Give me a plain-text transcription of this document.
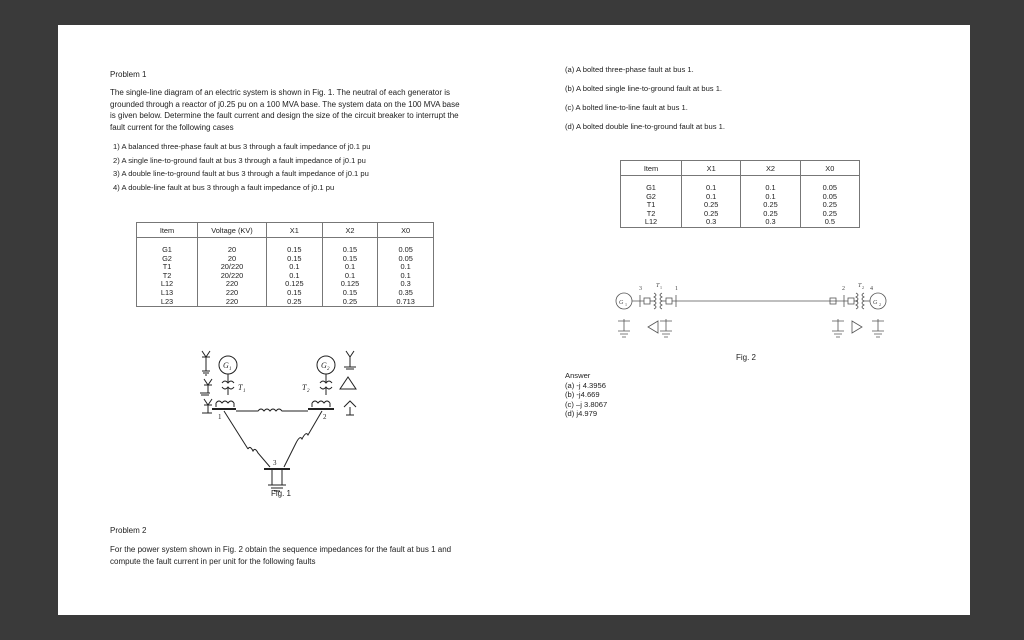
Problem 1

The single-line diagram of an electric system is shown in Fig. 1. The neutral of each generator is grounded through a reactor of j0.25 pu on a 100 MVA base. The system data on the 100 MVA base is given below. Determine the fault current and design the size of the circuit breaker to interrupt the fault current for the following cases

1) A balanced three-phase fault at bus 3 through a fault impedance of j0.1 pu
2) A single line-to-ground fault at bus 3 through a fault impedance of j0.1 pu
3) A double line-to-ground fault at bus 3 through a fault impedance of j0.1 pu
4) A double-line fault at bus 3 through a fault impedance of j0.1 pu
Item	Voltage (KV)	X1	X2	X0
G1	20	0.15	0.15	0.05
G2	20	0.15	0.15	0.05
T1	20/220	0.1	0.1	0.1
T2	20/220	0.1	0.1	0.1
L12	220	0.125	0.125	0.3
L13	220	0.15	0.15	0.35
L23	220	0.25	0.25	0.713
G 1	G 2
T 1	T 2
1	2
3

Fig. 1

Problem 2

For the power system shown in Fig. 2 obtain the sequence impedances for the fault at bus 1 and compute the fault current in per unit for the following faults

(a) A bolted three-phase fault at bus 1.
(b) A bolted single line-to-ground fault at bus 1.
(c) A bolted line-to-line fault at bus 1.
(d) A bolted double line-to-ground fault at bus 1.
Item	X1	X2	X0
G1	0.1	0.1	0.05
G2	0.1	0.1	0.05
T1	0.25	0.25	0.25
T2	0.25	0.25	0.25
L12	0.3	0.3	0.5
G 1	G 2
T 1	T 2
3	1	2	4

Fig. 2

Answer
(a) -j 4.3956
(b) -j4.669
(c) –j 3.8067
(d) j4.979
